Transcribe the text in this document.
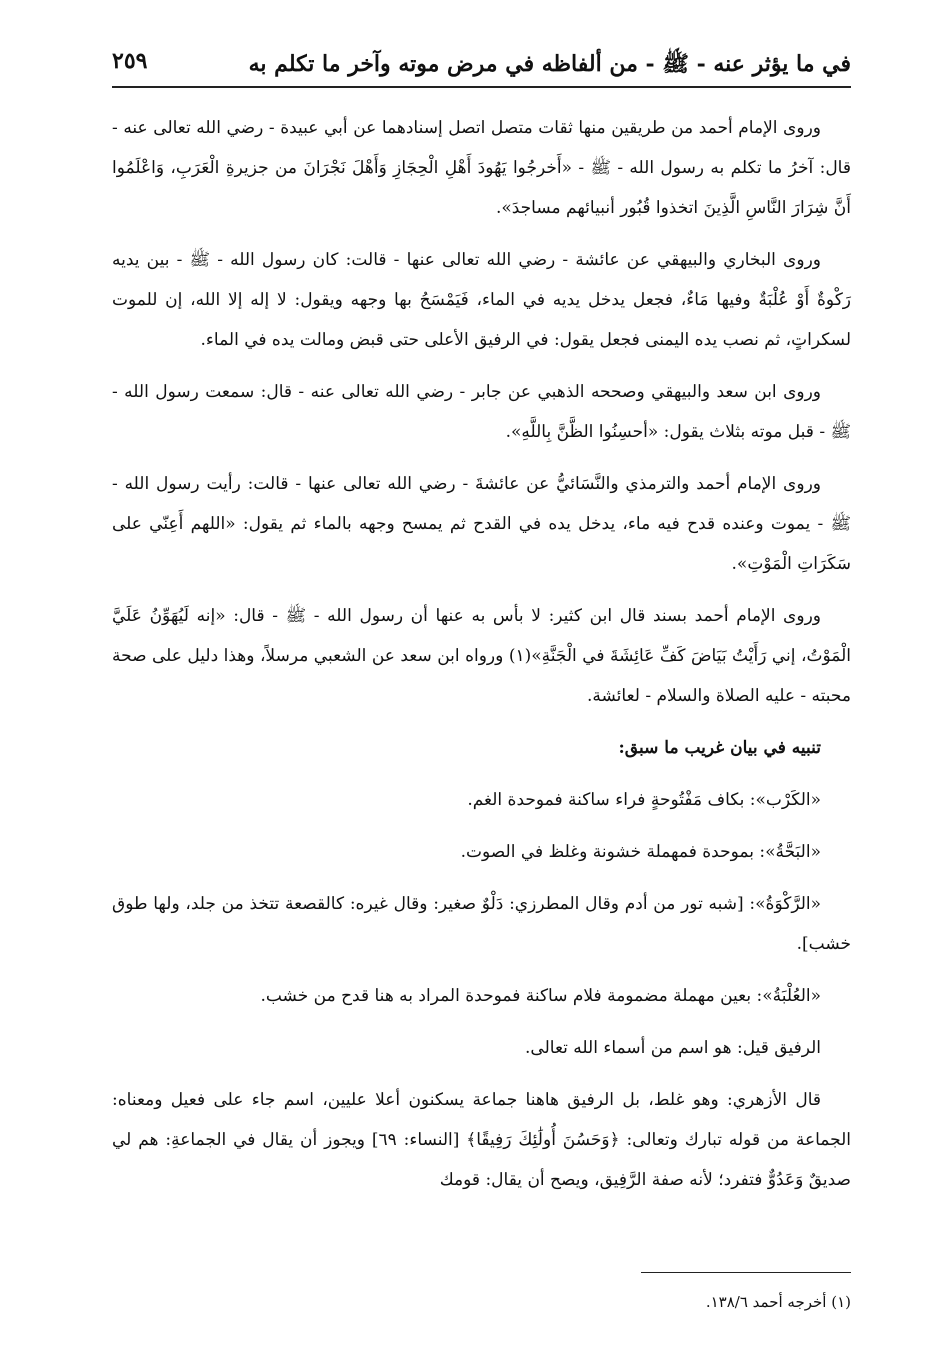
في ما يؤثر عنه - ﷺ - من ألفاظه في مرض موته وآخر ما تكلم به
٢٥٩

وروى الإمام أحمد من طريقين منها ثقات متصل اتصل إسنادهما عن أبي عبيدة - رضي الله تعالى عنه - قال: آخرُ ما تكلم به رسول الله - ﷺ - «أَخرجُوا يَهُودَ أَهْلِ الْحِجَازِ وَأَهْلَ نَجْرَانَ من جزيرةِ الْعَرَبِ، وَاعْلَمُوا أَنَّ شِرَارَ النَّاسِ الَّذِينَ اتخذوا قُبُور أنبيائهم مساجدَ».

وروى البخاري والبيهقي عن عائشة - رضي الله تعالى عنها - قالت: كان رسول الله - ﷺ - بين يديه رَكْوةٌ أَوْ عُلْبَةٌ وفيها مَاءٌ، فجعل يدخل يديه في الماء، فَيَمْسَحُ بها وجهه ويقول: لا إله إلا الله، إن للموت لسكراتٍ، ثم نصب يده اليمنى فجعل يقول: في الرفيق الأعلى حتى قبض ومالت يده في الماء.

وروى ابن سعد والبيهقي وصححه الذهبي عن جابر - رضي الله تعالى عنه - قال: سمعت رسول الله - ﷺ - قبل موته بثلاث يقول: «أحسِنُوا الظَّنَّ بِاللَّهِ».

وروى الإمام أحمد والترمذي والنَّسَائيُّ عن عائشةَ - رضي الله تعالى عنها - قالت: رأيت رسول الله - ﷺ - يموت وعنده قدح فيه ماء، يدخل يده في القدح ثم يمسح وجهه بالماء ثم يقول: «اللهم أَعِنّي على سَكَرَاتِ الْمَوْتِ».

وروى الإمام أحمد بسند قال ابن كثير: لا بأس به عنها أن رسول الله - ﷺ - قال: «إنه لَيُهَوِّنُ عَلَيَّ الْمَوْتُ، إني رَأَيْتُ بَيَاضَ كَفِّ عَائِشَةَ في الْجَنَّةِ»(١) ورواه ابن سعد عن الشعبي مرسلاً، وهذا دليل على صحة محبته - عليه الصلاة والسلام - لعائشة.

تنبيه في بيان غريب ما سبق:

«الكَرْب»: بكاف مَفْتُوحةٍ فراء ساكنة فموحدة الغم.

«البَحَّةُ»: بموحدة فمهملة خشونة وغلظ في الصوت.

«الرَّكْوَةُ»: [شبه تور من أدم وقال المطرزي: دَلْوٌ صغير: وقال غيره: كالقصعة تتخذ من جلد، ولها طوق خشب].

«العُلْبَةُ»: بعين مهملة مضمومة فلام ساكنة فموحدة المراد به هنا قدح من خشب.

الرفيق قيل: هو اسم من أسماء الله تعالى.

قال الأزهري: وهو غلط، بل الرفيق هاهنا جماعة يسكنون أعلا عليين، اسم جاء على فعيل ومعناه: الجماعة من قوله تبارك وتعالى: ﴿وَحَسُنَ أُولَٰئِكَ رَفِيقًا﴾ [النساء: ٦٩] ويجوز أن يقال في الجماعةِ: هم لي صديقٌ وَعَدُوٌّ فتفرد؛ لأنه صفة الرَّفِيق، ويصح أن يقال: قومك

(١) أخرجه أحمد ١٣٨/٦.
